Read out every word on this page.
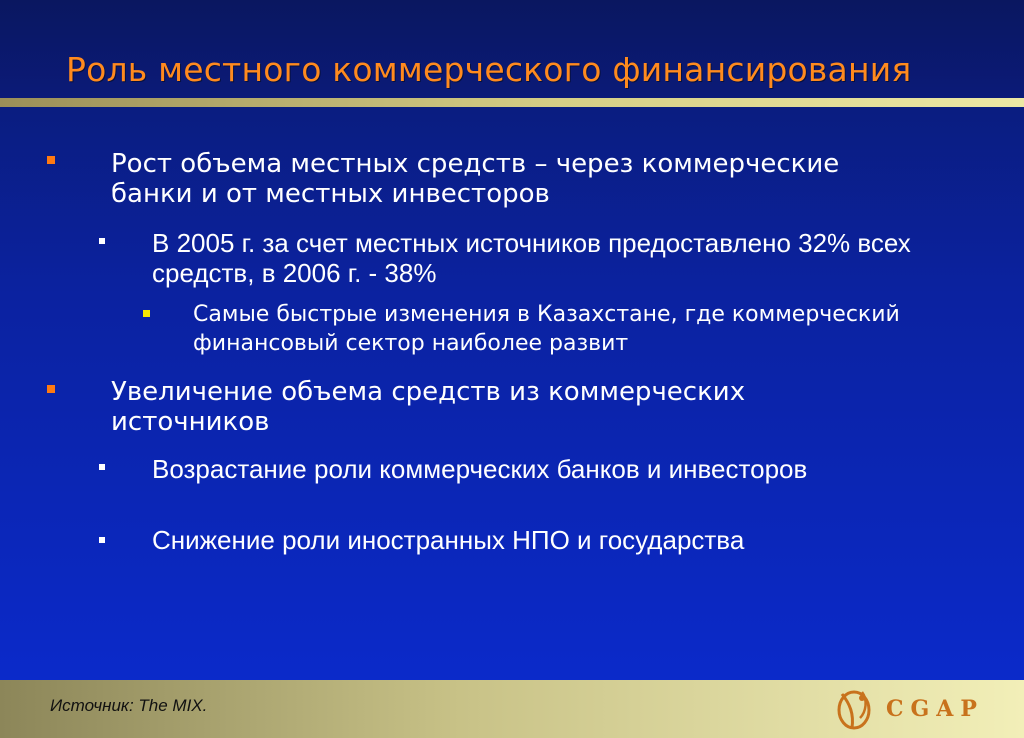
Роль местного коммерческого финансирования
Рост объема местных средств – через коммерческие банки и от местных инвесторов
В 2005 г. за счет местных источников предоставлено 32% всех средств, в 2006 г. - 38%
Самые быстрые изменения в Казахстане, где коммерческий финансовый сектор наиболее развит
Увеличение объема средств из коммерческих источников
Возрастание роли коммерческих банков и инвесторов
Снижение роли иностранных НПО и государства
Источник: The MIX.	CGAP
